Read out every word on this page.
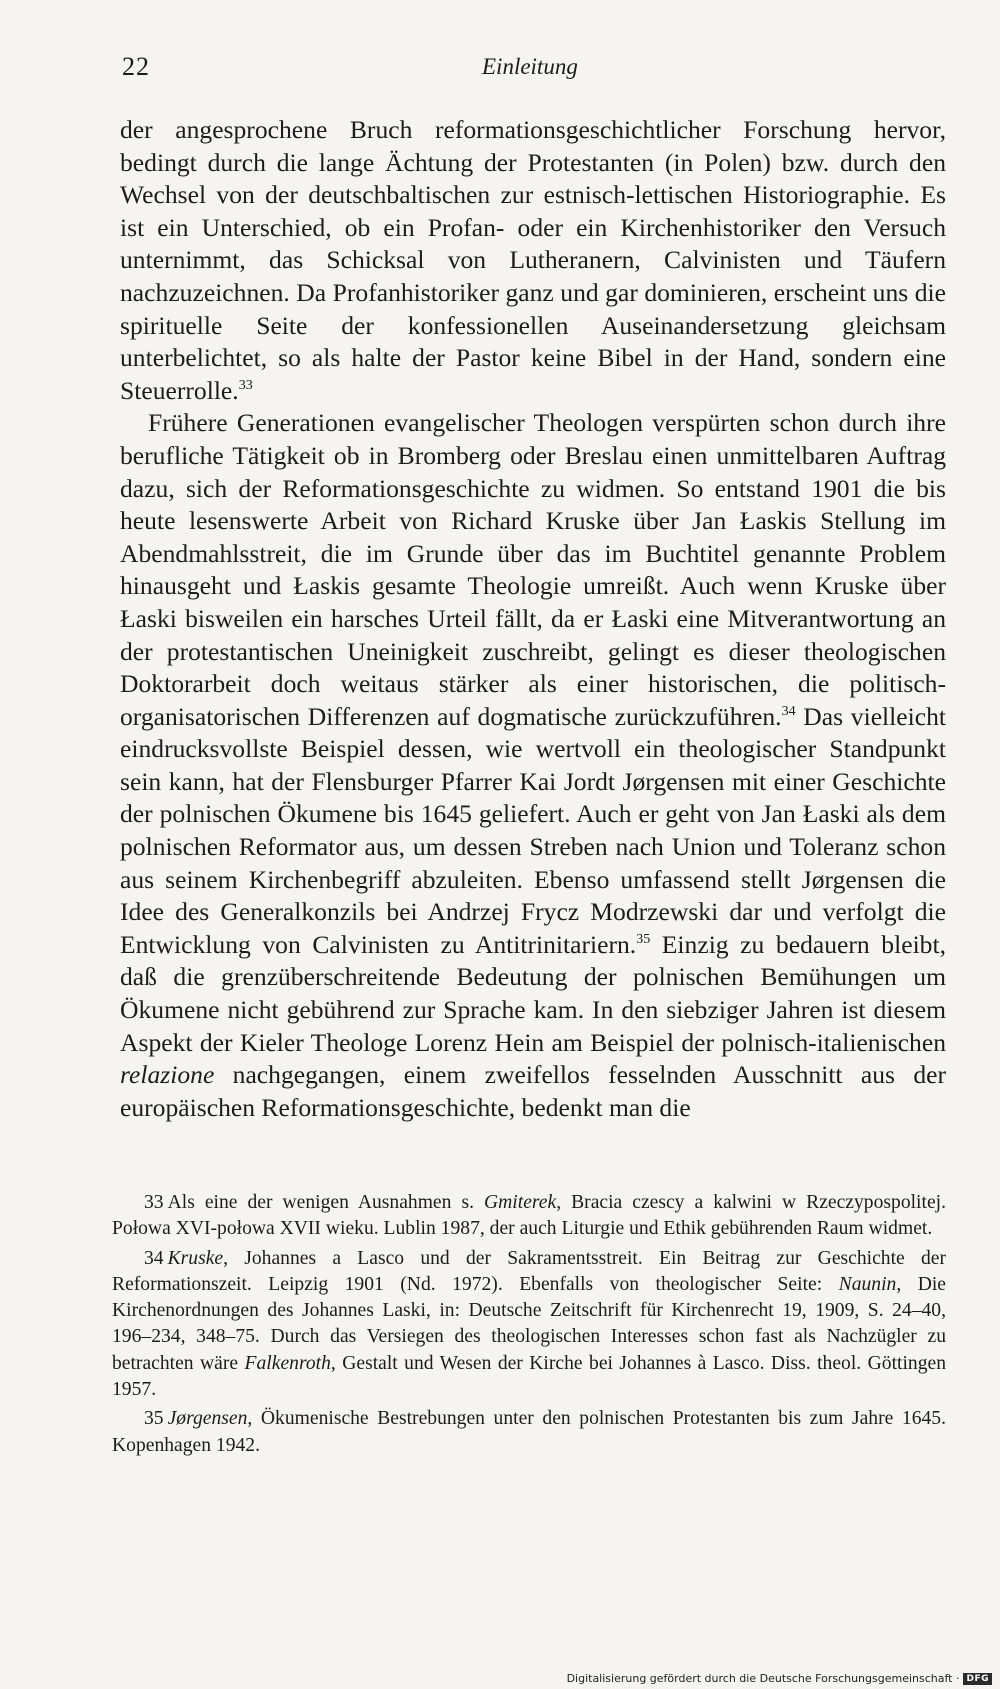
22	Einleitung

der angesprochene Bruch reformationsgeschichtlicher Forschung hervor, bedingt durch die lange Ächtung der Protestanten (in Polen) bzw. durch den Wechsel von der deutschbaltischen zur estnisch-lettischen Historiographie. Es ist ein Unterschied, ob ein Profan- oder ein Kirchenhistoriker den Versuch unternimmt, das Schicksal von Lutheranern, Calvinisten und Täufern nachzuzeichnen. Da Profanhistoriker ganz und gar dominieren, erscheint uns die spirituelle Seite der konfessionellen Auseinandersetzung gleichsam unterbelichtet, so als halte der Pastor keine Bibel in der Hand, sondern eine Steuerrolle.$^{33}$

Frühere Generationen evangelischer Theologen verspürten schon durch ihre berufliche Tätigkeit ob in Bromberg oder Breslau einen unmittelbaren Auftrag dazu, sich der Reformationsgeschichte zu widmen. So entstand 1901 die bis heute lesenswerte Arbeit von Richard Kruske über Jan Łaskis Stellung im Abendmahlsstreit, die im Grunde über das im Buchtitel genannte Problem hinausgeht und Łaskis gesamte Theologie umreißt. Auch wenn Kruske über Łaski bisweilen ein harsches Urteil fällt, da er Łaski eine Mitverantwortung an der protestantischen Uneinigkeit zuschreibt, gelingt es dieser theologischen Doktorarbeit doch weitaus stärker als einer historischen, die politisch-organisatorischen Differenzen auf dogmatische zurückzuführen.$^{34}$ Das vielleicht eindrucksvollste Beispiel dessen, wie wertvoll ein theologischer Standpunkt sein kann, hat der Flensburger Pfarrer Kai Jordt Jørgensen mit einer Geschichte der polnischen Ökumene bis 1645 geliefert. Auch er geht von Jan Łaski als dem polnischen Reformator aus, um dessen Streben nach Union und Toleranz schon aus seinem Kirchenbegriff abzuleiten. Ebenso umfassend stellt Jørgensen die Idee des Generalkonzils bei Andrzej Frycz Modrzewski dar und verfolgt die Entwicklung von Calvinisten zu Antitrinitariern.$^{35}$ Einzig zu bedauern bleibt, daß die grenzüberschreitende Bedeutung der polnischen Bemühungen um Ökumene nicht gebührend zur Sprache kam. In den siebziger Jahren ist diesem Aspekt der Kieler Theologe Lorenz Hein am Beispiel der polnisch-italienischen relazione nachgegangen, einem zweifellos fesselnden Ausschnitt aus der europäischen Reformationsgeschichte, bedenkt man die

33 Als eine der wenigen Ausnahmen s. Gmiterek, Bracia czescy a kalwini w Rzeczypospolitej. Połowa XVI-połowa XVII wieku. Lublin 1987, der auch Liturgie und Ethik gebührenden Raum widmet.

34 Kruske, Johannes a Lasco und der Sakramentsstreit. Ein Beitrag zur Geschichte der Reformationszeit. Leipzig 1901 (Nd. 1972). Ebenfalls von theologischer Seite: Naunin, Die Kirchenordnungen des Johannes Laski, in: Deutsche Zeitschrift für Kirchenrecht 19, 1909, S. 24–40, 196–234, 348–75. Durch das Versiegen des theologischen Interesses schon fast als Nachzügler zu betrachten wäre Falkenroth, Gestalt und Wesen der Kirche bei Johannes à Lasco. Diss. theol. Göttingen 1957.

35 Jørgensen, Ökumenische Bestrebungen unter den polnischen Protestanten bis zum Jahre 1645. Kopenhagen 1942.

Digitalisierung gefördert durch die Deutsche Forschungsgemeinschaft · DFG
